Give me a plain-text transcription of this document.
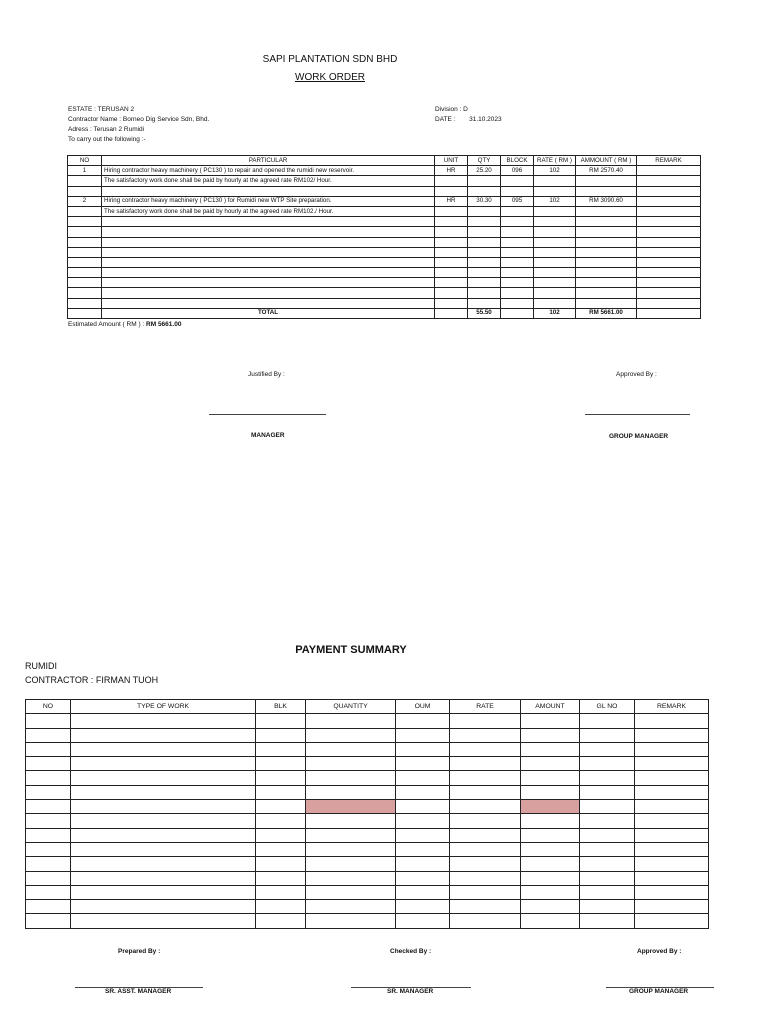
SAPI PLANTATION SDN BHD
WORK ORDER
ESTATE : TERUSAN 2
Contractor Name : Borneo Dig Service Sdn, Bhd.
Adress : Terusan 2 Rumidi
To carry out the following :-
Division : D
DATE : 31.10.2023
NO	PARTICULAR	UNIT	QTY	BLOCK	RATE ( RM )	AMMOUNT ( RM )	REMARK
1	Hiring contractor heavy machinery ( PC130 ) to repair and opened the rumidi new reservoir.	HR	25.20	096	102	RM 2570.40	
	The satisfactory work done shall be paid by hourly at the agreed rate RM102/ Hour.						

2	Hiring contractor heavy machinery ( PC130 ) for Rumidi new WTP Site preparation.	HR	30.30	095	102	RM 3090.60	
	The satisfactory work done shall be paid by hourly at the agreed rate RM102./ Hour.						

	TOTAL		55.50		102	RM 5661.00	
Estimated Amount ( RM ) : RM 5661.00
Justified By :	Approved By :
MANAGER	GROUP MANAGER
PAYMENT SUMMARY
RUMIDI
CONTRACTOR : FIRMAN TUOH
NO	TYPE OF WORK	BLK	QUANTITY	OUM	RATE	AMOUNT	GL NO	REMARK

Prepared By :	Checked By :	Approved By :
SR. ASST. MANAGER	SR. MANAGER	GROUP MANAGER
